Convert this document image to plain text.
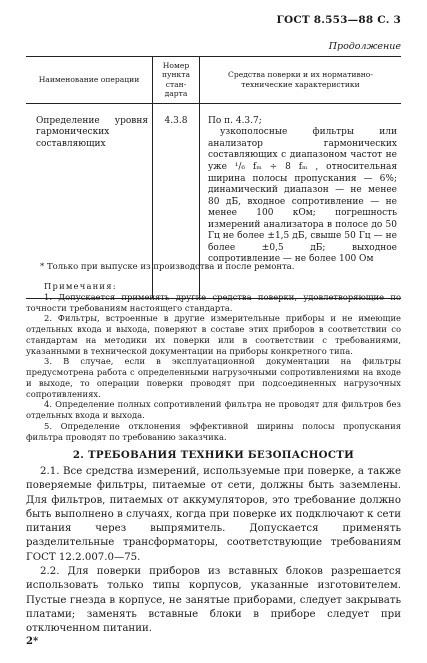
ГОСТ 8.553—88 С. 3
Продолжение
Наименование операции	Номер пункта стан- дарта	Средства поверки и их нормативно- технические характеристики
Определение уровня гармонических составляющих	4.3.8	По п. 4.3.7;
узкополосные фильтры или анализатор гармонических составляющих с диапазоном частот не уже ¹/₆ fₘ ÷ 8 fₘ , относительная ширина полосы пропускания — 6%; динамический диапазон — не менее 80 дБ, входное сопротивление — не менее 100 кОм; погрешность измерений анализатора в полосе до 50 Гц не более ±1,5 дБ, свыше 50 Гц — не более ±0,5 дБ; выходное сопротивление — не более 100 Ом
* Только при выпуске из производства и после ремонта.
Примечания:

1. Допускается применять другие средства поверки, удовлетворяющие по точности требованиям настоящего стандарта.

2. Фильтры, встроенные в другие измерительные приборы и не имеющие отдельных входа и выхода, поверяют в составе этих приборов в соответствии со стандартам на методики их поверки или в соответствии с требованиями, указанными в технической документации на приборы конкретного типа.

3. В случае, если в эксплуатационной документации на фильтры предусмотрена работа с определенными нагрузочными сопротивлениями на входе и выходе, то операции поверки проводят при подсоединенных нагрузочных сопротивлениях.

4. Определение полных сопротивлений фильтра не проводят для фильтров без отдельных входа и выхода.

5. Определение отклонения эффективной ширины полосы пропускания фильтра проводят по требованию заказчика.

2. ТРЕБОВАНИЯ ТЕХНИКИ БЕЗОПАСНОСТИ

2.1. Все средства измерений, используемые при поверке, а также поверяемые фильтры, питаемые от сети, должны быть заземлены. Для фильтров, питаемых от аккумуляторов, это требование должно быть выполнено в случаях, когда при поверке их подключают к сети питания через выпрямитель. Допускается применять разделительные трансформаторы, соответствующие требованиям ГОСТ 12.2.007.0—75.

2.2. Для поверки приборов из вставных блоков разрешается использовать только типы корпусов, указанные изготовителем. Пустые гнезда в корпусе, не занятые приборами, следует закрывать платами; заменять вставные блоки в приборе следует при отключенном питании.

2*
